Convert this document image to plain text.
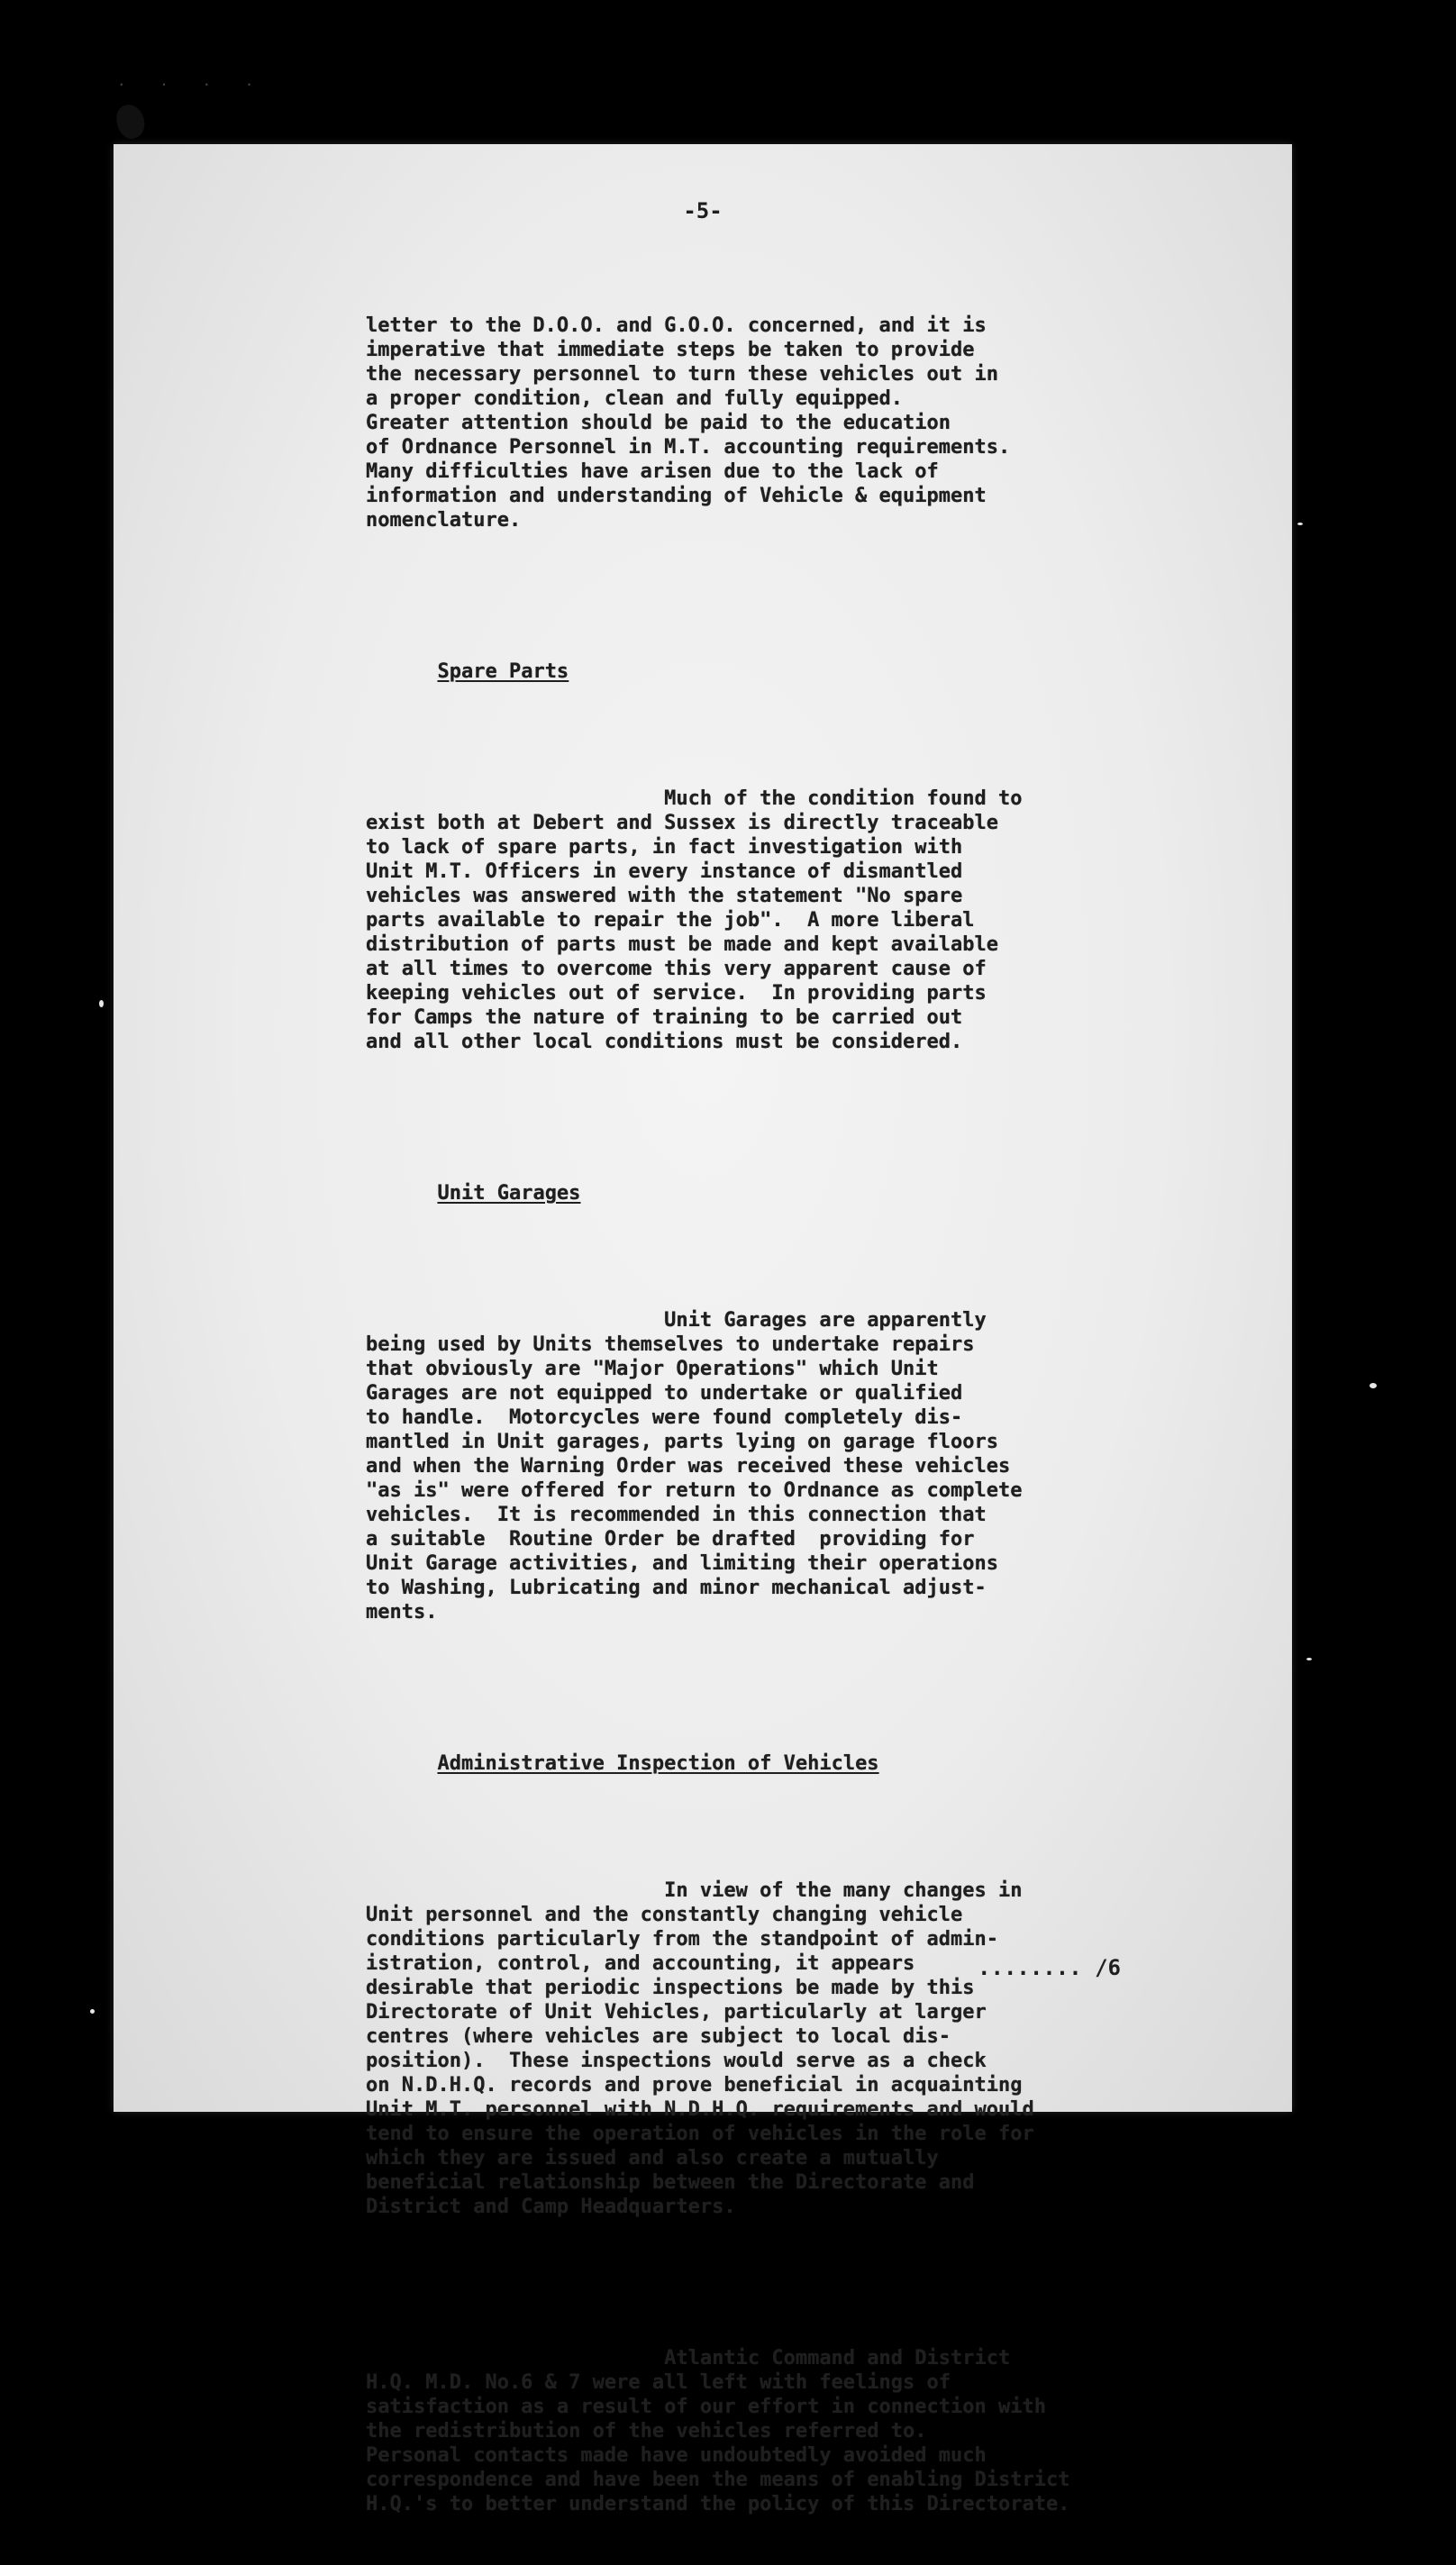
. . . .
-5-

letter to the D.O.O. and G.O.O. concerned, and it is
imperative that immediate steps be taken to provide
the necessary personnel to turn these vehicles out in
a proper condition, clean and fully equipped.
Greater attention should be paid to the education
of Ordnance Personnel in M.T. accounting requirements.
Many difficulties have arisen due to the lack of
information and understanding of Vehicle & equipment
nomenclature.

Spare Parts

Much of the condition found to
exist both at Debert and Sussex is directly traceable
to lack of spare parts, in fact investigation with
Unit M.T. Officers in every instance of dismantled
vehicles was answered with the statement "No spare
parts available to repair the job".  A more liberal
distribution of parts must be made and kept available
at all times to overcome this very apparent cause of
keeping vehicles out of service.  In providing parts
for Camps the nature of training to be carried out
and all other local conditions must be considered.

Unit Garages

Unit Garages are apparently
being used by Units themselves to undertake repairs
that obviously are "Major Operations" which Unit
Garages are not equipped to undertake or qualified
to handle.  Motorcycles were found completely dis-
mantled in Unit garages, parts lying on garage floors
and when the Warning Order was received these vehicles
"as is" were offered for return to Ordnance as complete
vehicles.  It is recommended in this connection that
a suitable  Routine Order be drafted  providing for
Unit Garage activities, and limiting their operations
to Washing, Lubricating and minor mechanical adjust-
ments.

Administrative Inspection of Vehicles

In view of the many changes in
Unit personnel and the constantly changing vehicle
conditions particularly from the standpoint of admin-
istration, control, and accounting, it appears
desirable that periodic inspections be made by this
Directorate of Unit Vehicles, particularly at larger
centres (where vehicles are subject to local dis-
position).  These inspections would serve as a check
on N.D.H.Q. records and prove beneficial in acquainting
Unit M.T. personnel with N.D.H.Q. requirements and would
tend to ensure the operation of vehicles in the role for
which they are issued and also create a mutually
beneficial relationship between the Directorate and
District and Camp Headquarters.

Atlantic Command and District
H.Q. M.D. No.6 & 7 were all left with feelings of
satisfaction as a result of our effort in connection with
the redistribution of the vehicles referred to.
Personal contacts made have undoubtedly avoided much
correspondence and have been the means of enabling District
H.Q.'s to better understand the policy of this Directorate.

........ /6
